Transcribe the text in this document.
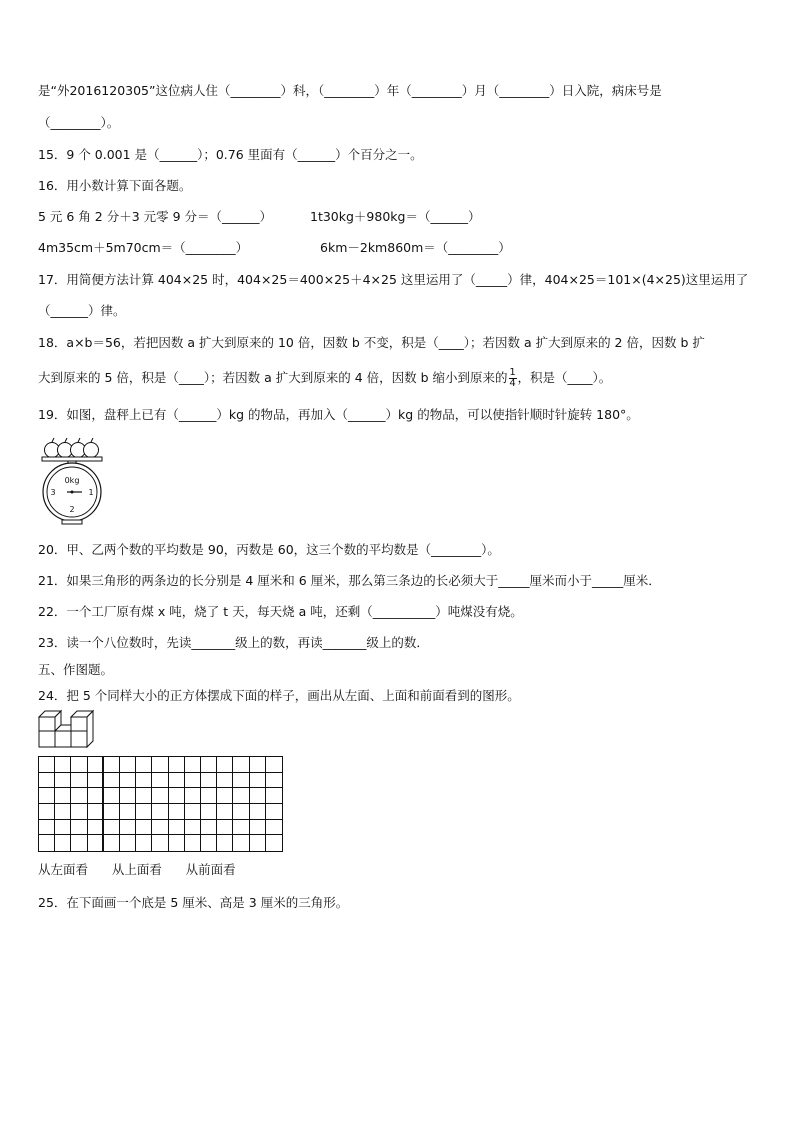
是“外2016120305”这位病人住（________）科，（________）年（________）月（________）日入院，病床号是
（________）。
15．9 个 0.001 是（______）；0.76 里面有（______）个百分之一。
16．用小数计算下面各题。
5 元 6 角 2 分＋3 元零 9 分＝（______）	1t30kg＋980kg＝（______）
4m35cm＋5m70cm＝（________）	6km－2km860m＝（________）
17．用简便方法计算 404×25 时，404×25＝400×25＋4×25 这里运用了（_____）律，404×25＝101×(4×25)这里运用了
（______）律。
18．a×b＝56，若把因数 a 扩大到原来的 10 倍，因数 b 不变，积是（____）；若因数 a 扩大到原来的 2 倍，因数 b 扩
大到原来的 5 倍，积是（____）；若因数 a 扩大到原来的 4 倍，因数 b 缩小到原来的 $\frac{1}{4}$ ，积是（____）。
19．如图，盘秤上已有（______）kg 的物品，再加入（______）kg 的物品，可以使指针顺时针旋转 180°。
0kg
3	1
2
20．甲、乙两个数的平均数是 90，丙数是 60，这三个数的平均数是（________）。
21．如果三角形的两条边的长分别是 4 厘米和 6 厘米，那么第三条边的长必须大于_____厘米而小于_____厘米．
22．一个工厂原有煤 x 吨，烧了 t 天，每天烧 a 吨，还剩（__________）吨煤没有烧。
23．读一个八位数时，先读_______级上的数，再读_______级上的数．
五、作图题。
24．把 5 个同样大小的正方体摆成下面的样子，画出从左面、上面和前面看到的图形。
从左面看      从上面看      从前面看
25．在下面画一个底是 5 厘米、高是 3 厘米的三角形。
